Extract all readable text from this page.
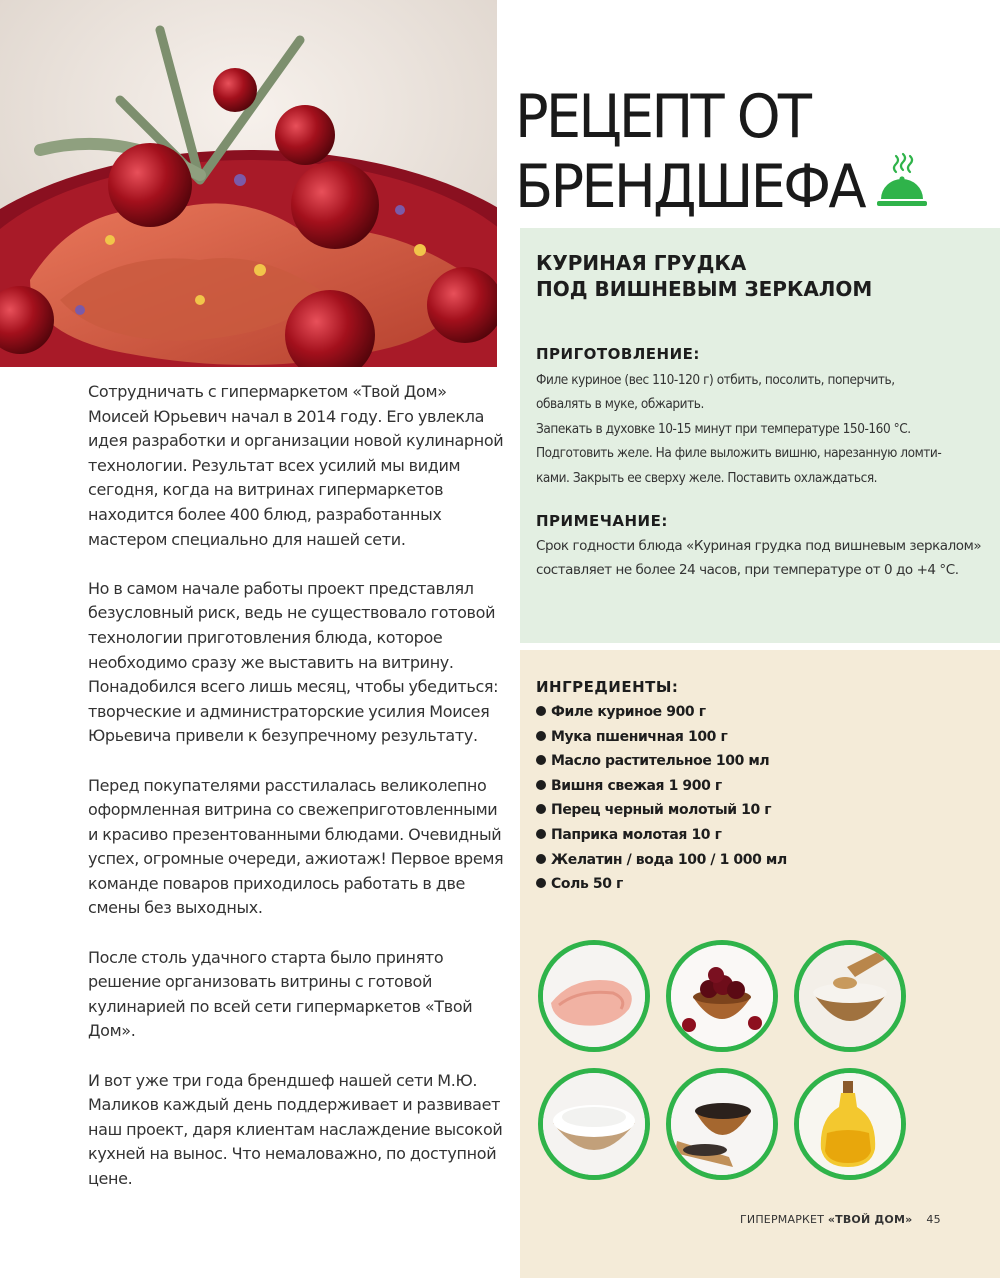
РЕЦЕПТ ОТ
БРЕНДШЕФА
КУРИНАЯ ГРУДКА
ПОД ВИШНЕВЫМ ЗЕРКАЛОМ
ПРИГОТОВЛЕНИЕ:

Филе куриное (вес 110-120 г) отбить, посолить, поперчить,
обвалять в муке, обжарить.
Запекать в духовке 10-15 минут при температуре 150-160 °С.
Подготовить желе. На филе выложить вишню, нарезанную ломти-
ками. Закрыть ее сверху желе. Поставить охлаждаться.

ПРИМЕЧАНИЕ:

Срок годности блюда «Куриная грудка под вишневым зеркалом»
составляет не более 24 часов, при температуре от 0 до +4 °С.

ИНГРЕДИЕНТЫ:
Филе куриное 900 г
Мука пшеничная 100 г
Масло растительное 100 мл
Вишня свежая 1 900 г
Перец черный молотый 10 г
Паприка молотая 10 г
Желатин / вода 100 / 1 000 мл
Соль 50 г

Сотрудничать с гипермаркетом «Твой Дом» Моисей Юрьевич начал в 2014 году. Его увлекла идея разработки и организации новой кулинарной технологии. Результат всех усилий мы видим сегодня, когда на витринах гипермаркетов находится более 400 блюд, разработанных мастером специально для нашей сети.

Но в самом начале работы проект представлял безусловный риск, ведь не существовало готовой технологии приготовления блюда, которое необходимо сразу же выставить на витрину. Понадобился всего лишь месяц, чтобы убедиться: творческие и администраторские усилия Моисея Юрьевича привели к безупречному результату.

Перед покупателями расстилалась великолепно оформленная витрина со свежеприготовленными и красиво презентованными блюдами. Очевидный успех, огромные очереди, ажиотаж! Первое время команде поваров приходилось работать в две смены без выходных.

После столь удачного старта было принято решение организовать витрины с готовой кулинарией по всей сети гипермаркетов «Твой Дом».

И вот уже три года брендшеф нашей сети М.Ю. Маликов каждый день поддерживает и развивает наш проект, даря клиентам наслаждение высокой кухней на вынос. Что немаловажно, по доступной цене.

ГИПЕРМАРКЕТ «ТВОЙ ДОМ» 45
